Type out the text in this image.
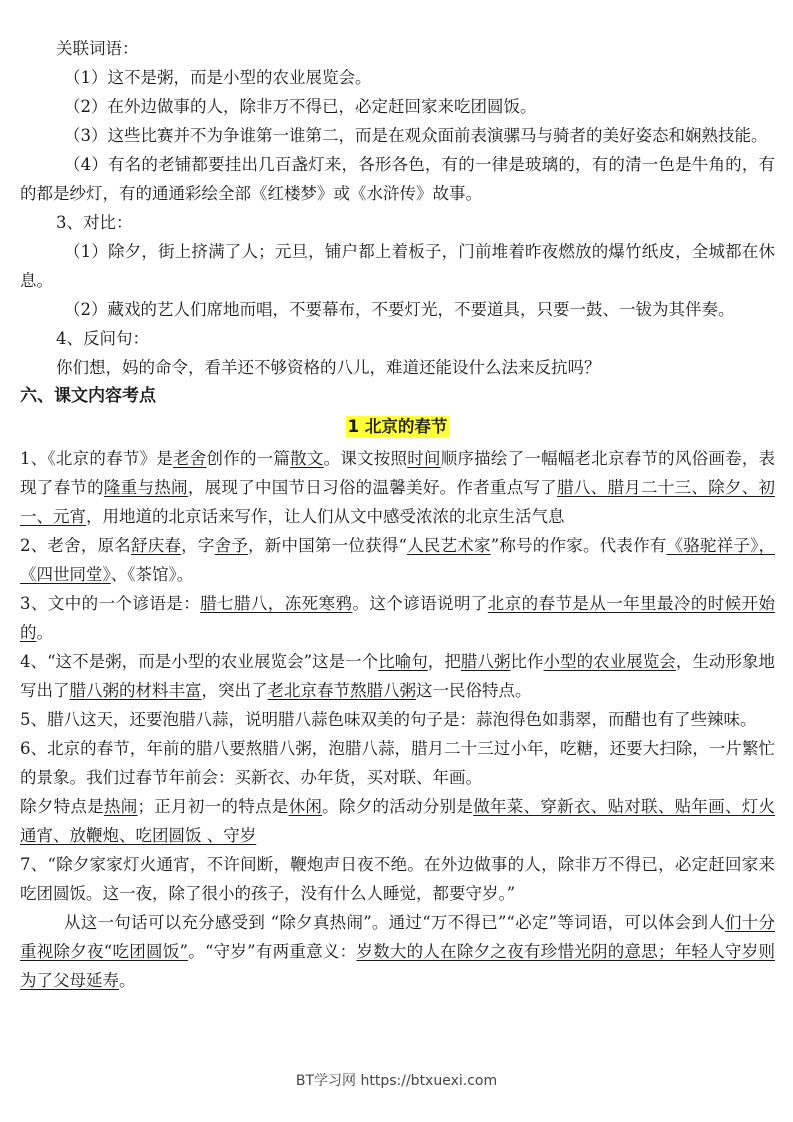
关联词语：
（1）这不是粥，而是小型的农业展览会。
（2）在外边做事的人，除非万不得已，必定赶回家来吃团圆饭。
（3）这些比赛并不为争谁第一谁第二，而是在观众面前表演骡马与骑者的美好姿态和娴熟技能。
（4）有名的老铺都要挂出几百盏灯来，各形各色，有的一律是玻璃的，有的清一色是牛角的，有的都是纱灯，有的通通彩绘全部《红楼梦》或《水浒传》故事。
3、对比：
（1）除夕，街上挤满了人；元旦，铺户都上着板子，门前堆着昨夜燃放的爆竹纸皮，全城都在休息。
（2）藏戏的艺人们席地而唱，不要幕布，不要灯光，不要道具，只要一鼓、一钹为其伴奏。
4、反问句：
你们想，妈的命令，看羊还不够资格的八儿，难道还能设什么法来反抗吗？
六、课文内容考点
1 北京的春节

1、《北京的春节》是老舍创作的一篇散文。课文按照时间顺序描绘了一幅幅老北京春节的风俗画卷，表现了春节的隆重与热闹，展现了中国节日习俗的温馨美好。作者重点写了腊八、腊月二十三、除夕、初一、元宵，用地道的北京话来写作，让人们从文中感受浓浓的北京生活气息

2、老舍，原名舒庆春，字舍予，新中国第一位获得“人民艺术家”称号的作家。代表作有《骆驼祥子》，《四世同堂》、《茶馆》。

3、文中的一个谚语是：腊七腊八，冻死寒鸦。这个谚语说明了北京的春节是从一年里最冷的时候开始的。

4、“这不是粥，而是小型的农业展览会”这是一个比喻句，把腊八粥比作小型的农业展览会，生动形象地写出了腊八粥的材料丰富，突出了老北京春节熬腊八粥这一民俗特点。

5、腊八这天，还要泡腊八蒜，说明腊八蒜色味双美的句子是：蒜泡得色如翡翠，而醋也有了些辣味。

6、北京的春节，年前的腊八要熬腊八粥，泡腊八蒜，腊月二十三过小年，吃糖，还要大扫除，一片繁忙的景象。我们过春节年前会：买新衣、办年货，买对联、年画。

除夕特点是热闹；正月初一的特点是休闲。除夕的活动分别是做年菜、穿新衣、贴对联、贴年画、灯火通宵、放鞭炮、吃团圆饭 、守岁

7、“除夕家家灯火通宵，不许间断，鞭炮声日夜不绝。在外边做事的人，除非万不得已，必定赶回家来吃团圆饭。这一夜，除了很小的孩子，没有什么人睡觉，都要守岁。”

从这一句话可以充分感受到 “除夕真热闹”。通过“万不得已”“必定”等词语，可以体会到人们十分重视除夕夜“吃团圆饭”。“守岁”有两重意义：岁数大的人在除夕之夜有珍惜光阴的意思；年轻人守岁则为了父母延寿。

BT学习网 https://btxuexi.com
